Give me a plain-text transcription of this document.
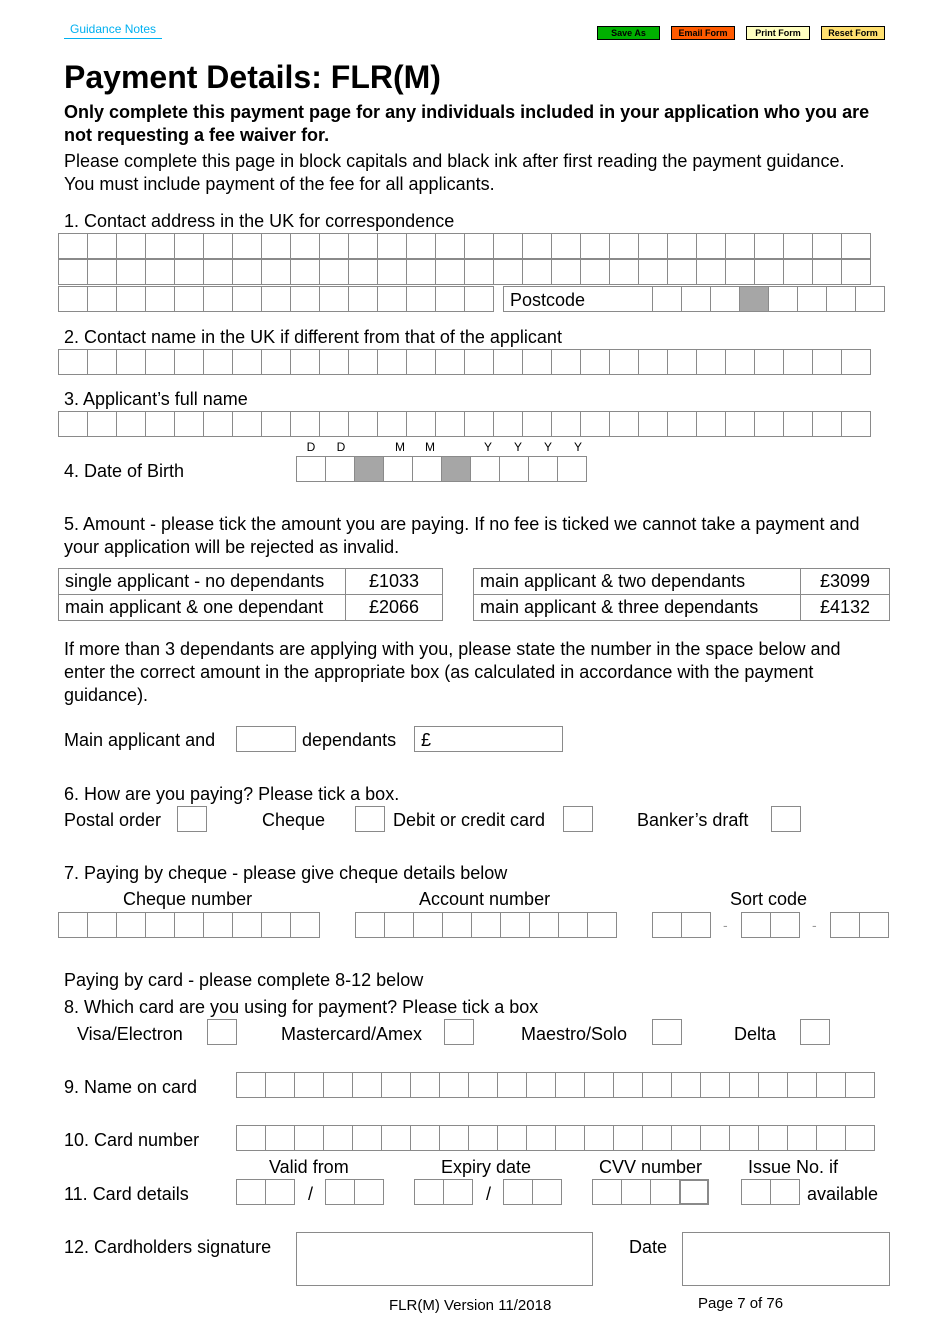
Guidance Notes	Save As	Email Form	Print Form	Reset Form
Payment Details: FLR(M)
Only complete this payment page for any individuals included in your application who you are not requesting a fee waiver for.
Please complete this page in block capitals and black ink after first reading the payment guidance. You must include payment of the fee for all applicants.
1. Contact address in the UK for correspondence
Postcode
2. Contact name in the UK if different from that of the applicant
3. Applicant’s full name
D	D	M	M	Y	Y	Y	Y
4. Date of Birth
5. Amount - please tick the amount you are paying. If no fee is ticked we cannot take a payment and your application will be rejected as invalid.
single applicant - no dependants	£1033
main applicant & one dependant	£2066
main applicant & two dependants	£3099
main applicant & three dependants	£4132
If more than 3 dependants are applying with you, please state the number in the space below and enter the correct amount in the appropriate box (as calculated in accordance with the payment guidance).
Main applicant and	dependants £
6. How are you paying? Please tick a box.
Postal order	Cheque	Debit or credit card	Banker’s draft
7. Paying by cheque - please give cheque details below
Cheque number	Account number	Sort code
-	-
Paying by card - please complete 8-12 below
8. Which card are you using for payment? Please tick a box
Visa/Electron	Mastercard/Amex	Maestro/Solo	Delta
9. Name on card
10. Card number
Valid from	Expiry date	CVV number	Issue No. if
11. Card details	/	/	available
12. Cardholders signature	Date
FLR(M) Version 11/2018	Page 7 of 76
